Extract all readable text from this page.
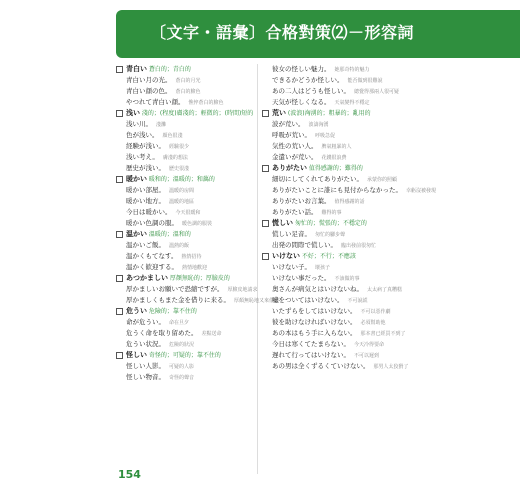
〔文字・語彙〕合格對策⑵－形容詞
青白い 蒼白的；青白的
青白い月の光。 蒼白的月光
青白い顔の色。 蒼白的臉色
やつれて青白い顔。 憔悴蒼白的臉色
浅い 淺的；(程度)膚淺的；輕微的；(時間)短的
浅い川。 淺灘
色が浅い。 顏色很淺
経験が浅い。 經驗很少
浅い考え。 膚淺的想法
歴史が浅い。 歷史很淺
暖かい 暖和的；溫暖的；和藹的
暖かい部屋。 溫暖的房間
暖かい地方。 溫暖的地區
今日は暖かい。 今天很暖和
暖かい色調の服。 暖色調的服裝
温かい 溫暖的；溫和的
温かいご飯。 溫熱的飯
温かくもてなす。 熱情招待
温かく歓迎する。 熱情地歡迎
あつかましい 厚顏無恥的；厚臉皮的
厚かましいお願いで恐縮ですが。 厚臉皮地請求
厚かましくもまた金を借りに来る。 厚顏無恥地又來借錢
危うい 危險的；靠不住的
命が危うい。 命在旦夕
危うく命を取り留めた。 差點送命
危うい状況。 危險的狀況
怪しい 奇怪的；可疑的；靠不住的
怪しい人影。 可疑的人影
怪しい物音。 奇怪的聲音
彼女の怪しい魅力。 她那奇特的魅力
できるかどうか怪しい。 能否做到很難說
あの二人はどうも怪しい。 總覺得那兩人很可疑
天気が怪しくなる。 天氣變得不穩定
荒い (波浪)洶湧的；粗暴的；亂用的
波が荒い。 波濤洶湧
呼吸が荒い。 呼吸急促
気性の荒い人。 脾氣粗暴的人
金遣いが荒い。 花錢很浪費
ありがたい 值得感謝的；難得的
細切にしてくれてありがたい。 承蒙你的照顧
ありがたいことに誰にも見付からなかった。 幸虧沒被發現
ありがたいお言葉。 值得感謝的話
ありがたい話。 難得的事
慌しい 匆忙的；慌張的；不穩定的
慌しい足音。 匆忙的腳步聲
出発の間際で慌しい。 臨出發前很匆忙
いけない 不好；不行；不應該
いけない子。 壞孩子
いけない事だった。 不該做的事
奥さんが病気とはいけないね。 太太病了真糟糕
嘘をついてはいけない。 不可說謊
いたずらをしてはいけない。 不可以惡作劇
彼を助けなければいけない。 必須幫助他
あの本はもう手に入らない。 那本書已經買不到了
今日は寒くてたまらない。 今天冷得要命
遅れて行ってはいけない。 不可以遲到
あの男は全くずるくていけない。 那男人太狡猾了
154
